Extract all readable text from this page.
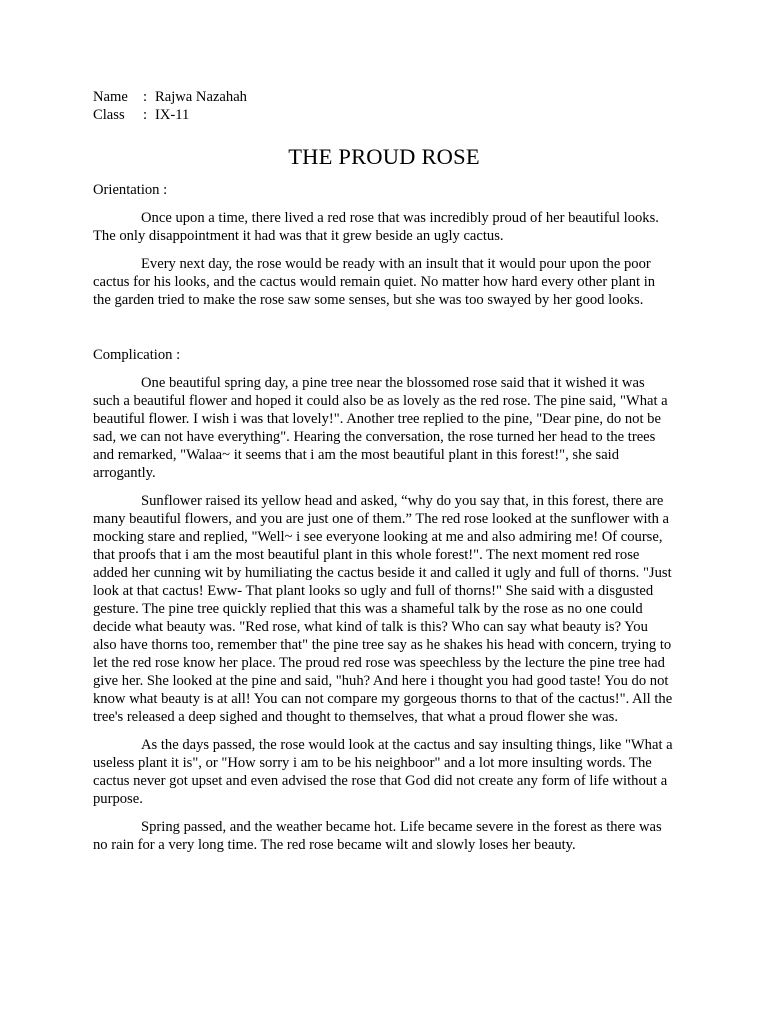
Name	: Rajwa Nazahah
Class	: IX-11
THE PROUD ROSE
Orientation :

Once upon a time, there lived a red rose that was incredibly proud of her beautiful looks. The only disappointment it had was that it grew beside an ugly cactus.

Every next day, the rose would be ready with an insult that it would pour upon the poor cactus for his looks, and the cactus would remain quiet. No matter how hard every other plant in the garden tried to make the rose saw some senses, but she was too swayed by her good looks.

Complication :

One beautiful spring day, a pine tree near the blossomed rose said that it wished it was such a beautiful flower and hoped it could also be as lovely as the red rose. The pine said, "What a beautiful flower. I wish i was that lovely!". Another tree replied to the pine, "Dear pine, do not be sad, we can not have everything". Hearing the conversation, the rose turned her head to the trees and remarked, "Walaa~ it seems that i am the most beautiful plant in this forest!", she said arrogantly.

Sunflower raised its yellow head and asked, “why do you say that, in this forest, there are many beautiful flowers, and you are just one of them.” The red rose looked at the sunflower with a mocking stare and replied, "Well~ i see everyone looking at me and also admiring me! Of course, that proofs that i am the most beautiful plant in this whole forest!". The next moment red rose added her cunning wit by humiliating the cactus beside it and called it ugly and full of thorns. "Just look at that cactus! Eww- That plant looks so ugly and full of thorns!" She said with a disgusted gesture. The pine tree quickly replied that this was a shameful talk by the rose as no one could decide what beauty was. "Red rose, what kind of talk is this? Who can say what beauty is? You also have thorns too, remember that" the pine tree say as he shakes his head with concern, trying to let the red rose know her place. The proud red rose was speechless by the lecture the pine tree had give her. She looked at the pine and said, "huh? And here i thought you had good taste! You do not know what beauty is at all! You can not compare my gorgeous thorns to that of the cactus!". All the tree's released a deep sighed and thought to themselves, that what a proud flower she was.

As the days passed, the rose would look at the cactus and say insulting things, like "What a useless plant it is", or "How sorry i am to be his neighboor" and a lot more insulting words. The cactus never got upset and even advised the rose that God did not create any form of life without a purpose.

Spring passed, and the weather became hot. Life became severe in the forest as there was no rain for a very long time. The red rose became wilt and slowly loses her beauty.
